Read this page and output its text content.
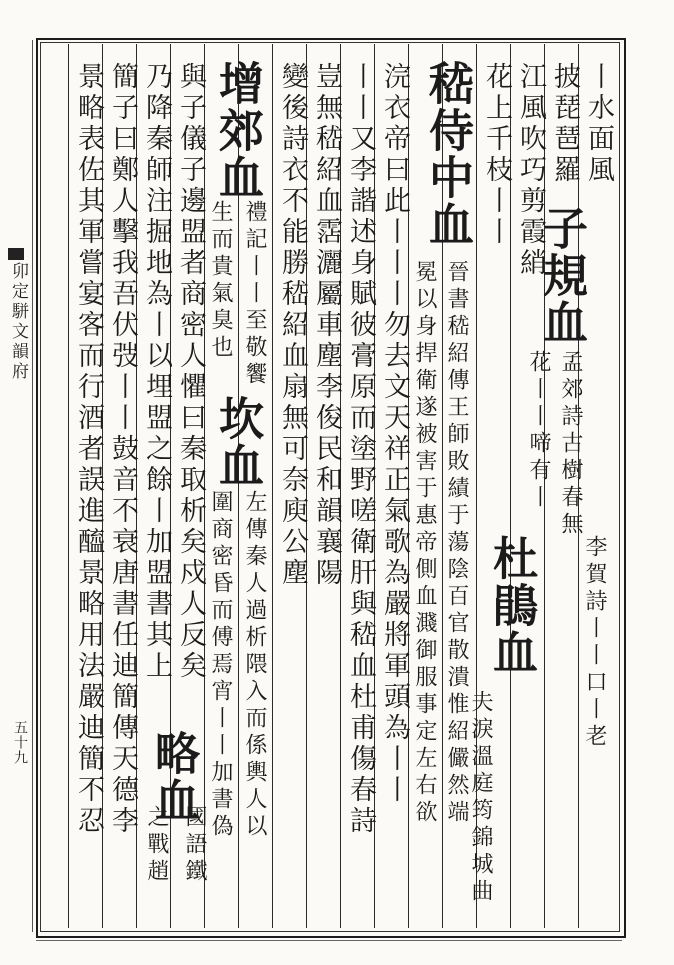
卯定駢文韻府
五十九
丨水面風
披琵琶羅
子規血
孟郊詩古樹春無
花丨丨啼有丨
江風吹巧剪霞綃
花上千枝丨丨
杜鵑血 李賀詩丨丨口丨老
夫淚溫庭筠錦城曲
嵇侍中血
晉書嵇紹傳王師敗績于蕩陰百官散潰惟紹儼然端
冕以身捍衛遂被害于惠帝側血濺御服事定左右欲
浣衣帝曰此丨丨丨勿去文天祥正氣歌為嚴將軍頭為丨丨
丨丨又李諧述身賦彼膏原而塗野嗟衛肝與嵇血杜甫傷春詩
豈無嵇紹血霑灑屬車塵李俊民和韻襄陽
變後詩衣不能勝嵇紹血扇無可奈庾公塵
增郊血
禮記丨丨至敬饗
坎血
左傳秦人過析隈入而係輿人以
生而貴氣臭也
圍商密昏而傅焉宵丨丨加書偽
與子儀子邊盟者商密人懼曰秦取析矣戍人反矣
乃降秦師注掘地為丨以埋盟之餘丨加盟書其上
略血
國語鐵
之戰趙
簡子曰鄭人擊我吾伏弢丨丨鼓音不衰唐書任迪簡傳天德李
景略表佐其軍嘗宴客而行酒者誤進醯景略用法嚴迪簡不忍
